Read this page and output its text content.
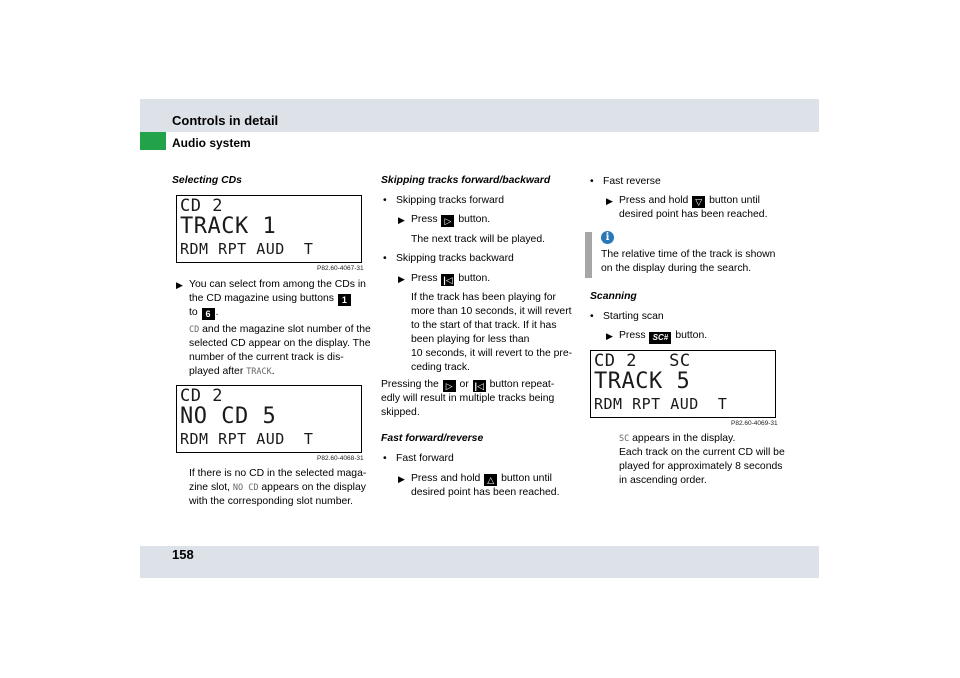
Controls in detail
Audio system
158
Selecting CDs
CD 2
TRACK 1
RDM RPT AUD  T
P82.60-4067-31
▶ You can select from among the CDs in
the CD magazine using buttons 1
to 6 .
CD and the magazine slot number of the
selected CD appear on the display. The
number of the current track is dis-
played after TRACK.
CD 2
NO CD 5
RDM RPT AUD  T
P82.60-4068-31
If there is no CD in the selected maga-
zine slot, NO CD appears on the display
with the corresponding slot number.
Skipping tracks forward/backward
• Skipping tracks forward
▶ Press ▷ button.
The next track will be played.
• Skipping tracks backward
▶ Press |◁ button.
If the track has been playing for
more than 10 seconds, it will revert
to the start of that track. If it has
been playing for less than
10 seconds, it will revert to the pre-
ceding track.
Pressing the ▷ or |◁ button repeat-
edly will result in multiple tracks being
skipped.
Fast forward/reverse
• Fast forward
▶ Press and hold △ button until
desired point has been reached.
• Fast reverse
▶ Press and hold ▽ button until
desired point has been reached.
i
The relative time of the track is shown
on the display during the search.
Scanning
• Starting scan
▶ Press SC# button.
CD 2   SC
TRACK 5
RDM RPT AUD  T
P82.60-4069-31
SC appears in the display.
Each track on the current CD will be
played for approximately 8 seconds
in ascending order.
